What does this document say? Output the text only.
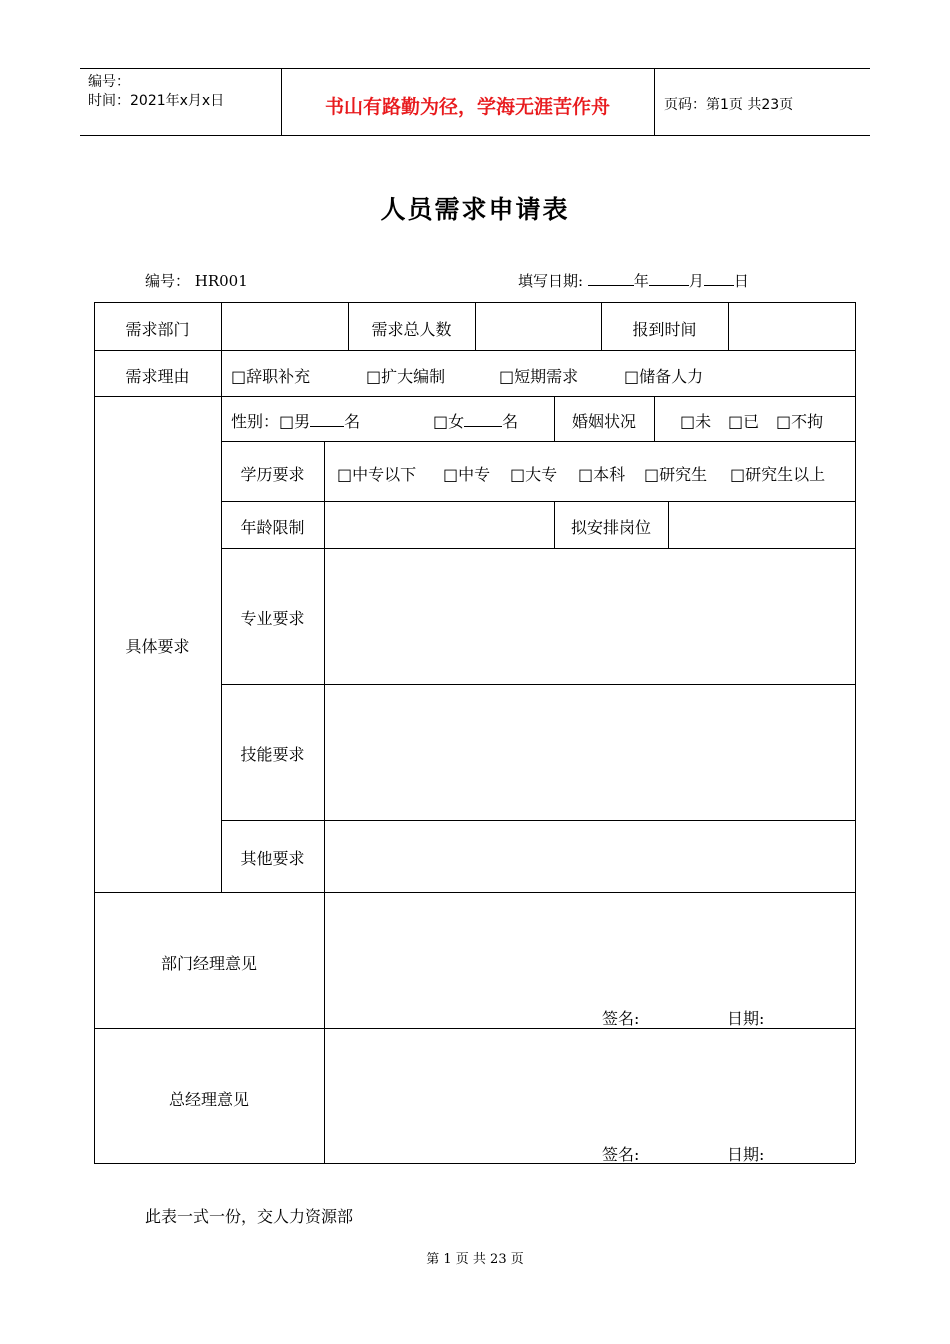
编号：
时间：2021年x月x日	书山有路勤为径，学海无涯苦作舟	页码：第1页 共23页
人员需求申请表
编号： HR001	填写日期:	年	月 日
需求部门	需求总人数	报到时间
需求理由	□辞职补充	□扩大编制	□短期需求	□储备人力
具体要求
性别：□男 名	□女 名	婚姻状况	□未 □已 □不拘
学历要求	□中专以下 □中专 □大专 □本科 □研究生 □研究生以上
年龄限制	拟安排岗位
专业要求
技能要求
其他要求
部门经理意见
签名:	日期:
总经理意见
签名:	日期:
此表一式一份，交人力资源部
第 1 页 共 23 页
